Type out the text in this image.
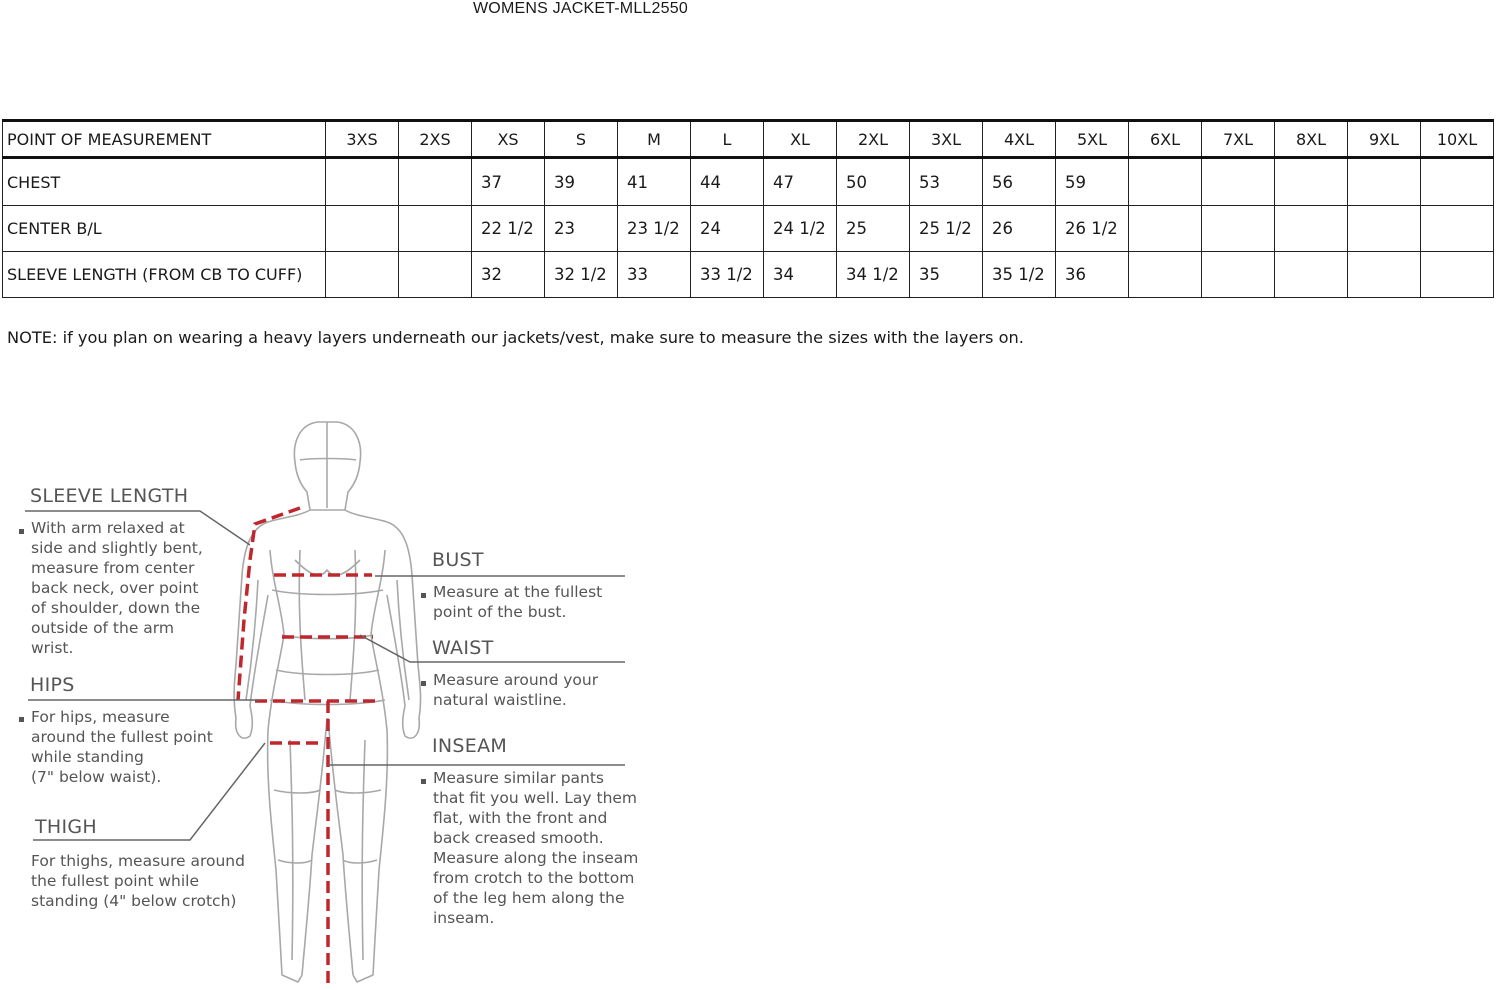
WOMENS JACKET-MLL2550
POINT OF MEASUREMENT	3XS	2XS	XS	S	M	L	XL	2XL	3XL	4XL	5XL	6XL	7XL	8XL	9XL	10XL
CHEST			37	39	41	44	47	50	53	56	59					
CENTER B/L			22 1/2	23	23 1/2	24	24 1/2	25	25 1/2	26	26 1/2					
SLEEVE LENGTH (FROM CB TO CUFF)			32	32 1/2	33	33 1/2	34	34 1/2	35	35 1/2	36					
NOTE: if you plan on wearing a heavy layers underneath our jackets/vest, make sure to measure the sizes with the layers on.
SLEEVE LENGTH
With arm relaxed at
side and slightly bent,
measure from center
back neck, over point
of shoulder, down the
outside of the arm
wrist.
HIPS
For hips, measure
around the fullest point
while standing
(7" below waist).
THIGH
For thighs, measure around
the fullest point while
standing (4" below crotch)
BUST
Measure at the fullest
point of the bust.
WAIST
Measure around your
natural waistline.
INSEAM
Measure similar pants
that fit you well. Lay them
flat, with the front and
back creased smooth.
Measure along the inseam
from crotch to the bottom
of the leg hem along the
inseam.
